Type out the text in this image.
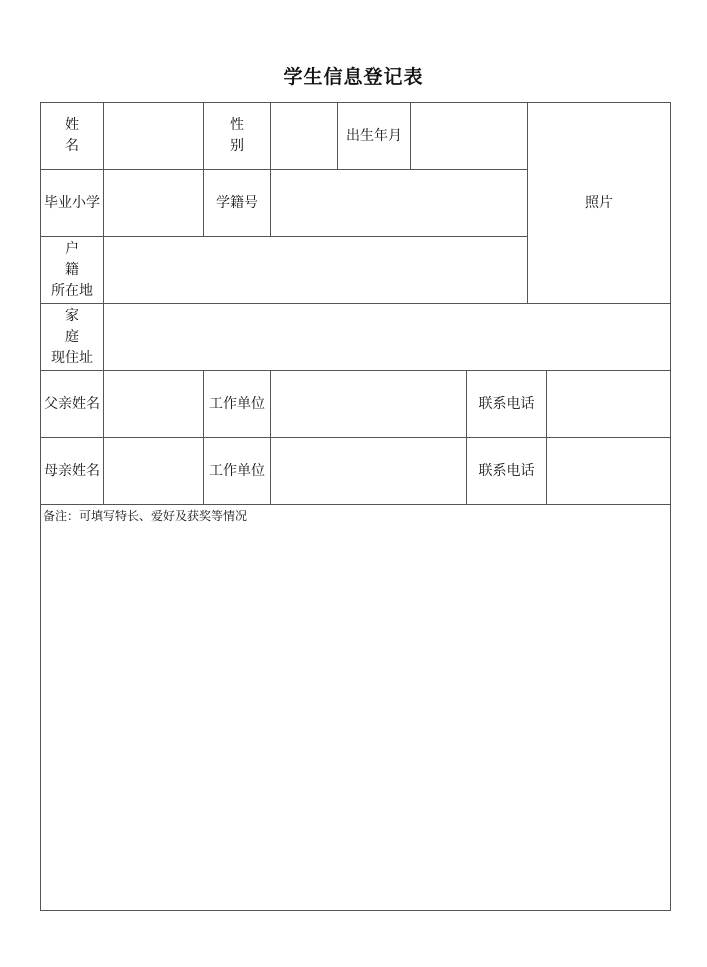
学生信息登记表
姓 名		性 别		出生年月			照片	
毕业小学		学籍号						

户 籍
所在地								

家 庭
现住址								

父亲姓名		工作单位				联系电话		
母亲姓名		工作单位				联系电话		
备注：可填写特长、爱好及获奖等情况								
